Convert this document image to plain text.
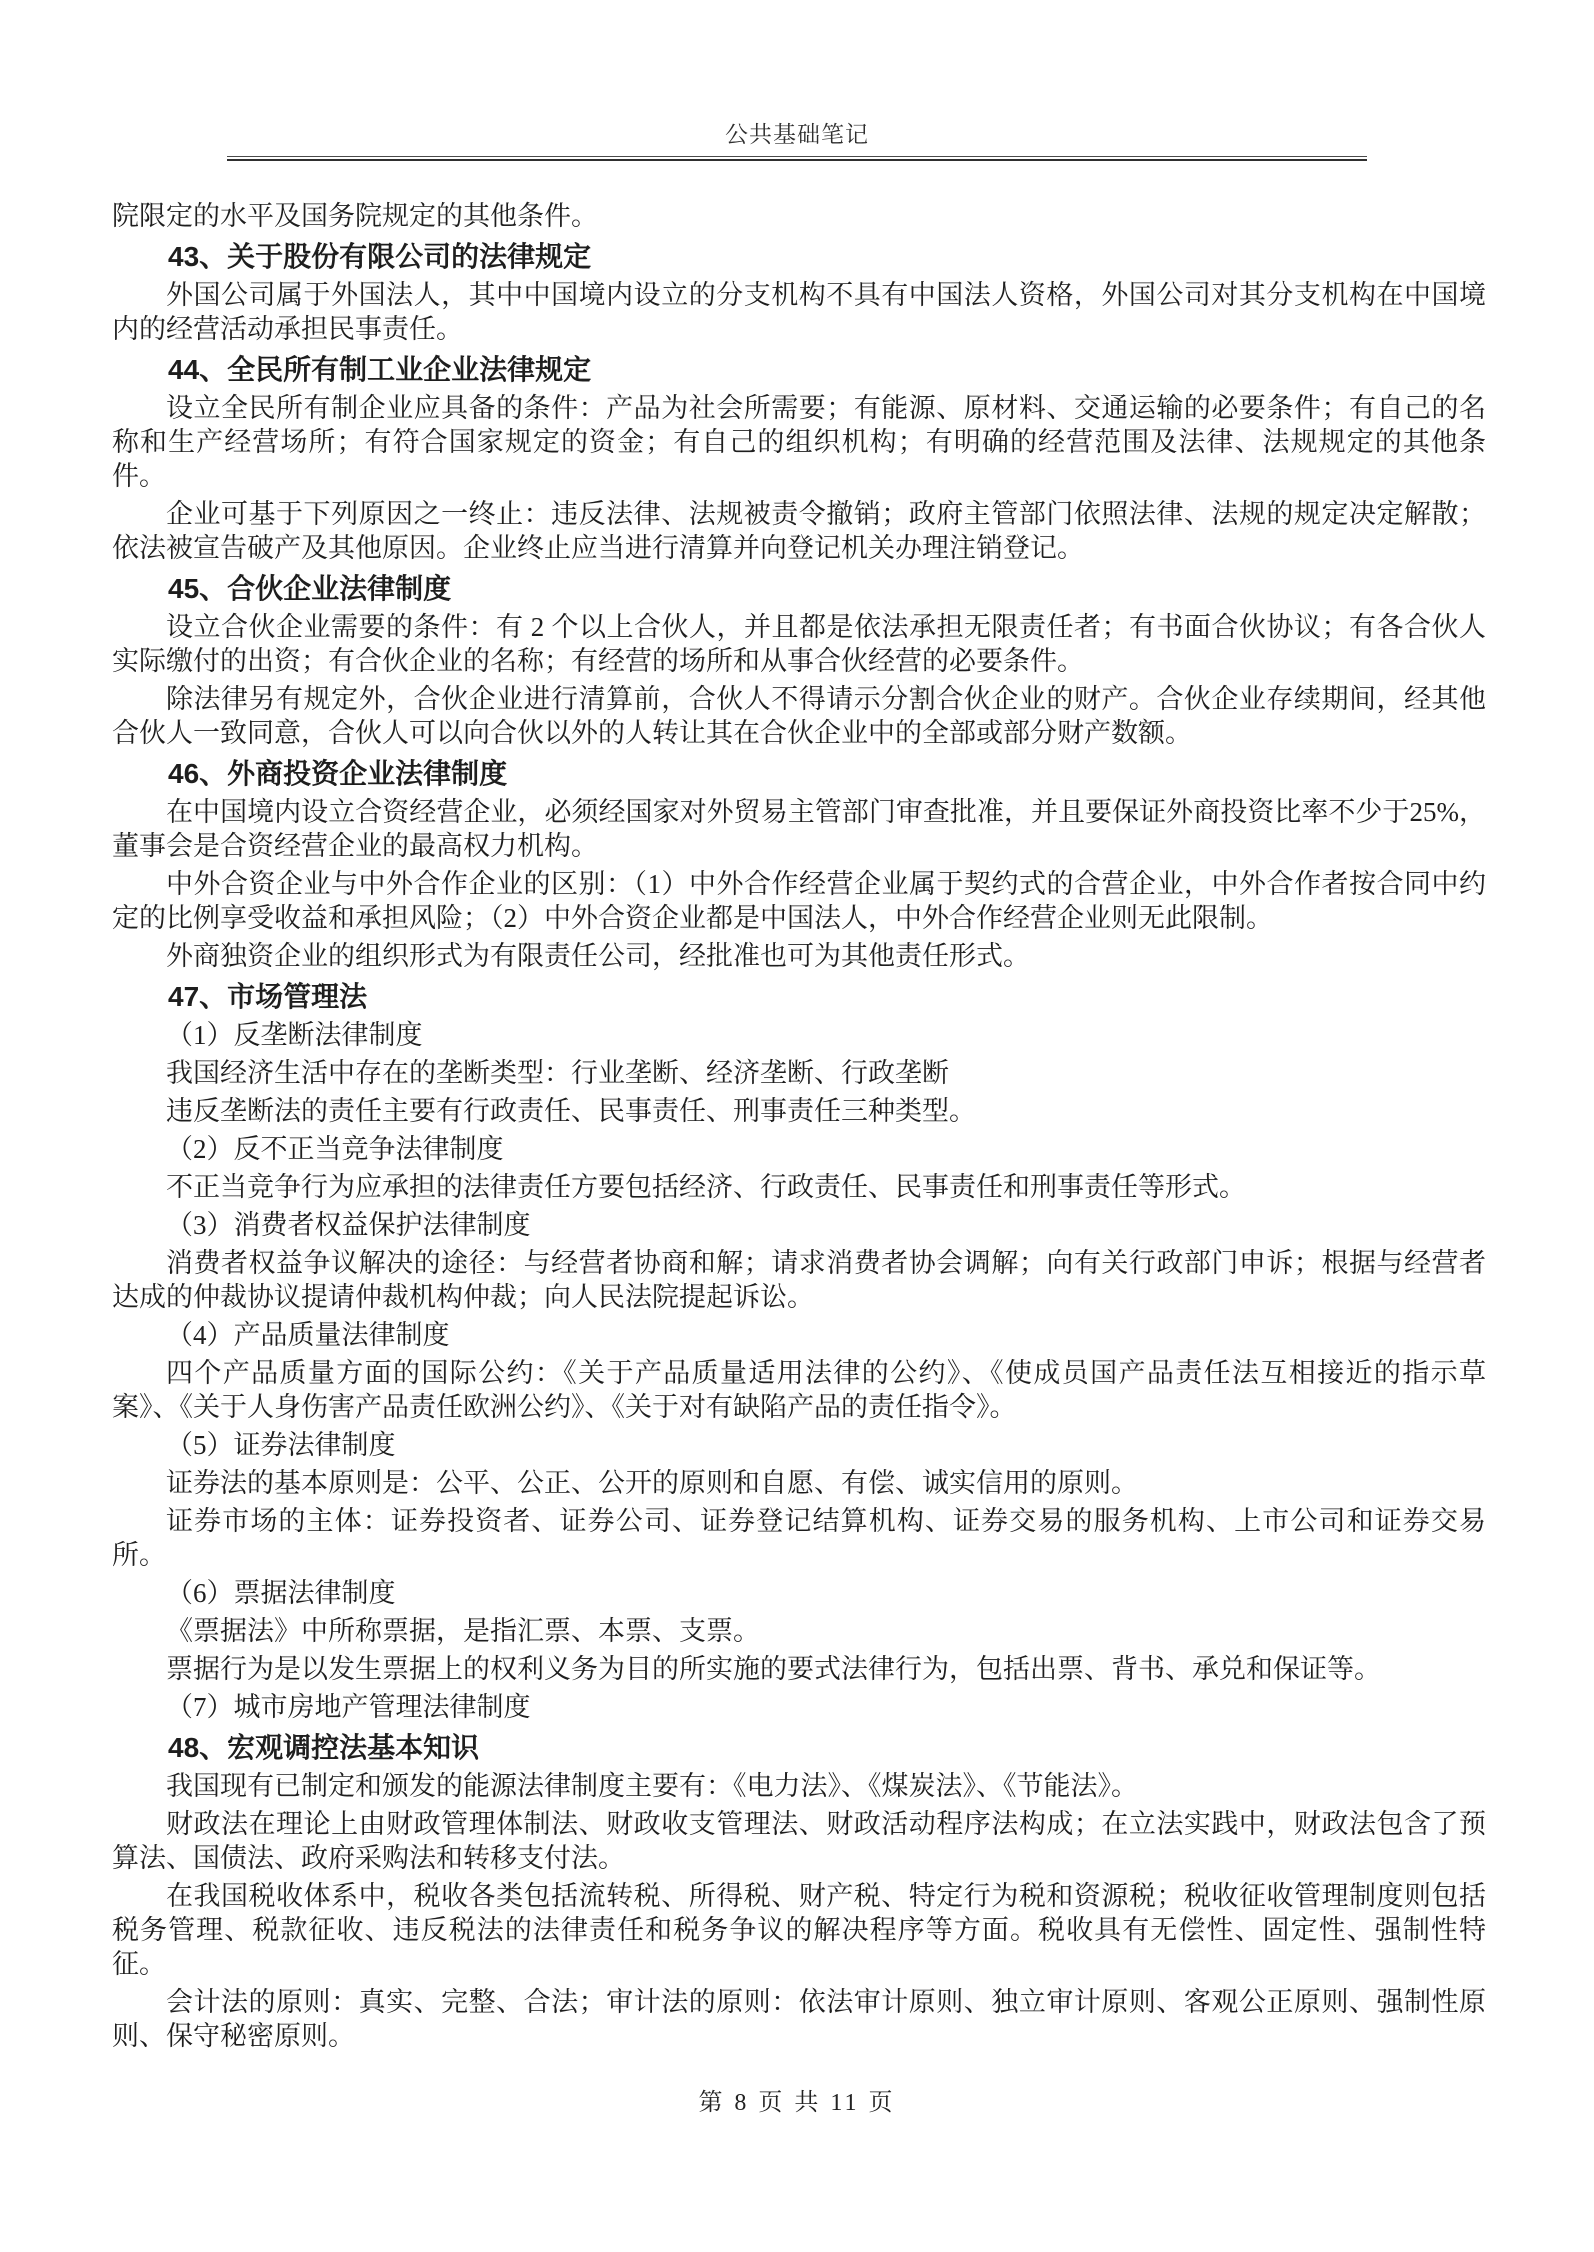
公共基础笔记

院限定的水平及国务院规定的其他条件。

43、关于股份有限公司的法律规定

外国公司属于外国法人，其中中国境内设立的分支机构不具有中国法人资格，外国公司对其分支机构在中国境内的经营活动承担民事责任。

44、全民所有制工业企业法律规定

设立全民所有制企业应具备的条件：产品为社会所需要；有能源、原材料、交通运输的必要条件；有自己的名称和生产经营场所；有符合国家规定的资金；有自己的组织机构；有明确的经营范围及法律、法规规定的其他条件。

企业可基于下列原因之一终止：违反法律、法规被责令撤销；政府主管部门依照法律、法规的规定决定解散；依法被宣告破产及其他原因。企业终止应当进行清算并向登记机关办理注销登记。

45、合伙企业法律制度

设立合伙企业需要的条件：有 2 个以上合伙人，并且都是依法承担无限责任者；有书面合伙协议；有各合伙人实际缴付的出资；有合伙企业的名称；有经营的场所和从事合伙经营的必要条件。

除法律另有规定外，合伙企业进行清算前，合伙人不得请示分割合伙企业的财产。合伙企业存续期间，经其他合伙人一致同意，合伙人可以向合伙以外的人转让其在合伙企业中的全部或部分财产数额。

46、外商投资企业法律制度

在中国境内设立合资经营企业，必须经国家对外贸易主管部门审查批准，并且要保证外商投资比率不少于25%，董事会是合资经营企业的最高权力机构。

中外合资企业与中外合作企业的区别：（1）中外合作经营企业属于契约式的合营企业，中外合作者按合同中约定的比例享受收益和承担风险；（2）中外合资企业都是中国法人，中外合作经营企业则无此限制。

外商独资企业的组织形式为有限责任公司，经批准也可为其他责任形式。

47、市场管理法

（1）反垄断法律制度

我国经济生活中存在的垄断类型：行业垄断、经济垄断、行政垄断

违反垄断法的责任主要有行政责任、民事责任、刑事责任三种类型。

（2）反不正当竞争法律制度

不正当竞争行为应承担的法律责任方要包括经济、行政责任、民事责任和刑事责任等形式。

（3）消费者权益保护法律制度

消费者权益争议解决的途径：与经营者协商和解；请求消费者协会调解；向有关行政部门申诉；根据与经营者达成的仲裁协议提请仲裁机构仲裁；向人民法院提起诉讼。

（4）产品质量法律制度

四个产品质量方面的国际公约：《关于产品质量适用法律的公约》、《使成员国产品责任法互相接近的指示草案》、《关于人身伤害产品责任欧洲公约》、《关于对有缺陷产品的责任指令》。

（5）证券法律制度

证券法的基本原则是：公平、公正、公开的原则和自愿、有偿、诚实信用的原则。

证券市场的主体：证券投资者、证券公司、证券登记结算机构、证券交易的服务机构、上市公司和证券交易所。

（6）票据法律制度

《票据法》中所称票据，是指汇票、本票、支票。

票据行为是以发生票据上的权利义务为目的所实施的要式法律行为，包括出票、背书、承兑和保证等。

（7）城市房地产管理法律制度

48、宏观调控法基本知识

我国现有已制定和颁发的能源法律制度主要有：《电力法》、《煤炭法》、《节能法》。

财政法在理论上由财政管理体制法、财政收支管理法、财政活动程序法构成；在立法实践中，财政法包含了预算法、国债法、政府采购法和转移支付法。

在我国税收体系中，税收各类包括流转税、所得税、财产税、特定行为税和资源税；税收征收管理制度则包括税务管理、税款征收、违反税法的法律责任和税务争议的解决程序等方面。税收具有无偿性、固定性、强制性特征。

会计法的原则：真实、完整、合法；审计法的原则：依法审计原则、独立审计原则、客观公正原则、强制性原则、保守秘密原则。

第 8 页 共 11 页
